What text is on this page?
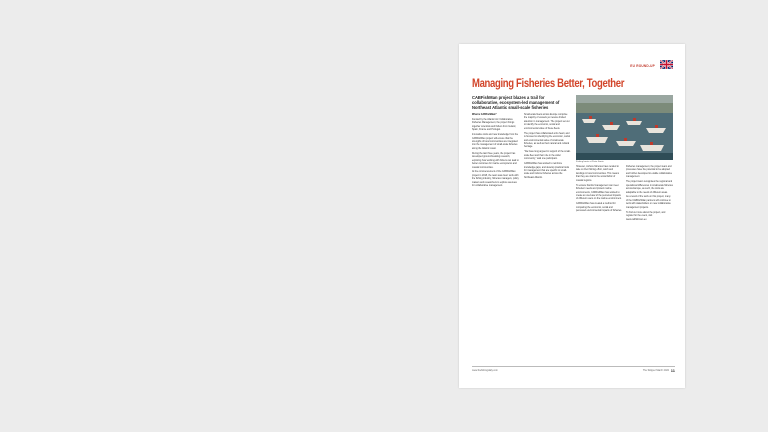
EU ROUND-UP
Managing Fisheries Better, Together
CABFishMan project blazes a trail for collaborative, ecosystem-led management of Northeast Atlantic small-scale fisheries

What is CABFishMan?

Funded by the Atlantic Arc Collaborative Fisheries Management, the project brings together scientists and fishers from Ireland, Spain, France and Portugal.

Innovative tools and new knowledge from the CABFishMan project will ensure that the strengths of local communities are integrated into the management of small-scale fisheries along the Atlantic coast.

During the last three years, the project has developed ground-breaking research, exploring how working with fishers can lead to better outcomes for marine ecosystems and coastal communities.

At the commencement of the CABFishMan project in 2018, the team was clear: work with the fishing industry, fisheries managers, policy makers and researchers to explore avenues for collaborative management.

Small-scale fleets across Europe comprise the majority of vessels yet receive limited attention in management. The project set out to identify the economic, social and environmental value of these fleets.

The project has collaborated at its heart, and is focused on identifying the economic, social and environmental value of small-scale fisheries, as well as their natural and cultural heritage.

“We have long argued in support of the small-scale fleet and their role in the wider community,” said one participant.

CABFishMan has worked to reinforce knowledge gaps, and develop practical tools for management that are specific to small-scale and inshore fisheries across the Northeast Atlantic.

Fishing boats at Porto Santo

However, inshore fisheries have tended to take on their fishing effort, catch and landings in local communities. This means that they are vital to the social fabric of coastal regions.

To ensure that EU management can meet fisheries' needs and protect marine environments, CABFishMan has worked to create an overview of the perceived impacts of different users on the marine environment.

CABFishMan has created a method for comparing the economic, social and perceived environmental impacts of fisheries.

Fisheries management, the project team and processes have the potential to be adopted and further developed to enable collaborative management.

The project team recognises the regional and operational differences in small-scale fisheries across Europe, as such, the tools are adaptable to the needs of different areas.

As a result of the work on this project, many of the CABFishMan partners will continue to work with stakeholders on new collaborative management projects.

To find out more about the project, and register for the event, visit www.cabfishman.eu

www.thefishingdaily.com	The Skipper March 2022 11
